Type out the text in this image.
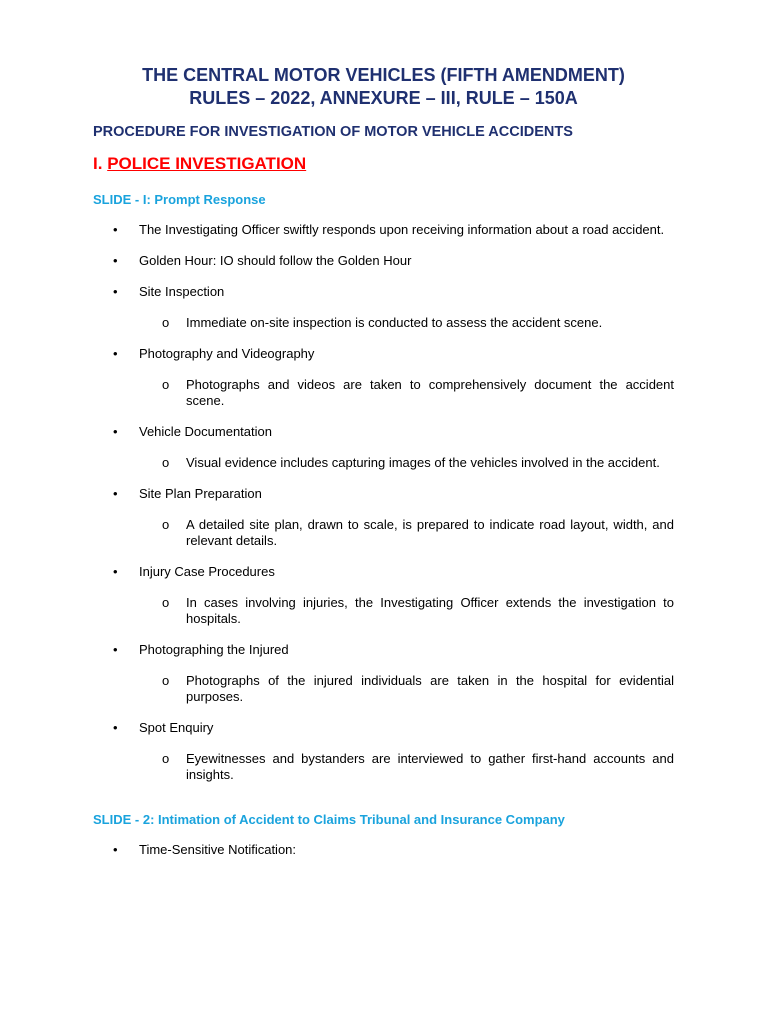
THE CENTRAL MOTOR VEHICLES (FIFTH AMENDMENT)
RULES – 2022, ANNEXURE – III, RULE – 150A

PROCEDURE FOR INVESTIGATION OF MOTOR VEHICLE ACCIDENTS

I. POLICE INVESTIGATION

SLIDE - I: Prompt Response

• The Investigating Officer swiftly responds upon receiving information about a road accident.
• Golden Hour: IO should follow the Golden Hour
• Site Inspection
o Immediate on-site inspection is conducted to assess the accident scene.
• Photography and Videography
o Photographs and videos are taken to comprehensively document the accident scene.
• Vehicle Documentation
o Visual evidence includes capturing images of the vehicles involved in the accident.
• Site Plan Preparation
o A detailed site plan, drawn to scale, is prepared to indicate road layout, width, and relevant details.
• Injury Case Procedures
o In cases involving injuries, the Investigating Officer extends the investigation to hospitals.
• Photographing the Injured
o Photographs of the injured individuals are taken in the hospital for evidential purposes.
• Spot Enquiry
o Eyewitnesses and bystanders are interviewed to gather first-hand accounts and insights.

SLIDE - 2: Intimation of Accident to Claims Tribunal and Insurance Company

• Time-Sensitive Notification:
